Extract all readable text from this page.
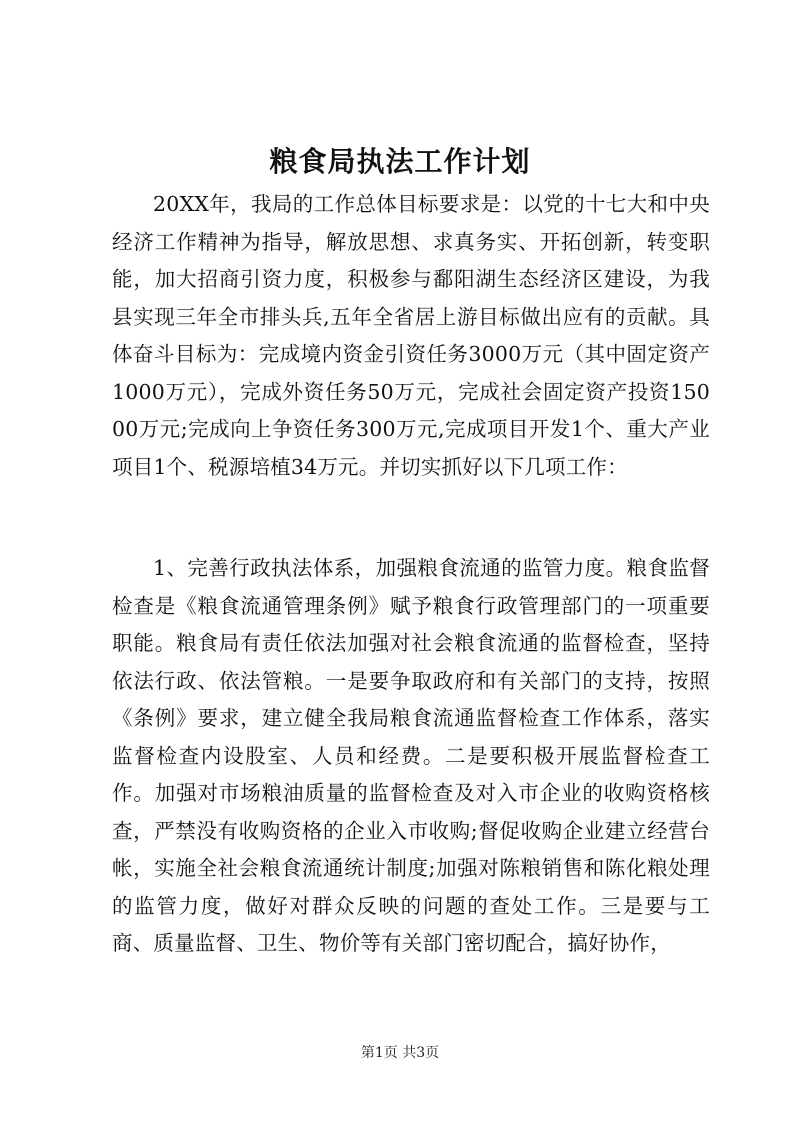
粮食局执法工作计划
20XX年，我局的工作总体目标要求是：以党的十七大和中央经济工作精神为指导，解放思想、求真务实、开拓创新，转变职能，加大招商引资力度，积极参与鄱阳湖生态经济区建设，为我县实现三年全市排头兵,五年全省居上游目标做出应有的贡献。具体奋斗目标为：完成境内资金引资任务3000万元（其中固定资产1000万元），完成外资任务50万元，完成社会固定资产投资15000万元;完成向上争资任务300万元,完成项目开发1个、重大产业项目1个、税源培植34万元。并切实抓好以下几项工作：
1、完善行政执法体系，加强粮食流通的监管力度。粮食监督检查是《粮食流通管理条例》赋予粮食行政管理部门的一项重要职能。粮食局有责任依法加强对社会粮食流通的监督检查，坚持依法行政、依法管粮。一是要争取政府和有关部门的支持，按照《条例》要求，建立健全我局粮食流通监督检查工作体系，落实监督检查内设股室、人员和经费。二是要积极开展监督检查工作。加强对市场粮油质量的监督检查及对入市企业的收购资格核查，严禁没有收购资格的企业入市收购;督促收购企业建立经营台帐，实施全社会粮食流通统计制度;加强对陈粮销售和陈化粮处理的监管力度，做好对群众反映的问题的查处工作。三是要与工商、质量监督、卫生、物价等有关部门密切配合，搞好协作，
第1页 共3页
